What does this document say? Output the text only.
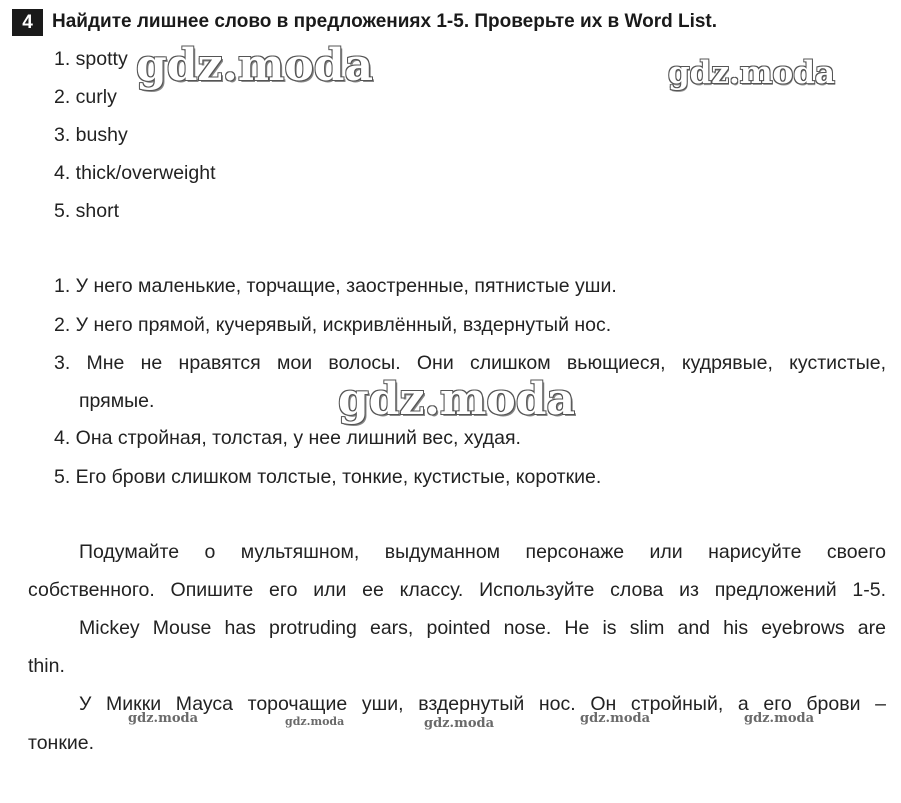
4	Найдите лишнее слово в предложениях 1-5. Проверьте их в Word List.
1. spotty
2. curly
3. bushy
4. thick/overweight
5. short
1. У него маленькие, торчащие, заостренные, пятнистые уши.
2. У него прямой, кучерявый, искривлённый, вздернутый нос.
3. Мне не нравятся мои волосы. Они слишком вьющиеся, кудрявые, кустистые,
прямые.
4. Она стройная, толстая, у нее лишний вес, худая.
5. Его брови слишком толстые, тонкие, кустистые, короткие.
Подумайте о мультяшном, выдуманном персонаже или нарисуйте своего
собственного. Опишите его или ее классу. Используйте слова из предложений 1-5.
Mickey Mouse has protruding ears, pointed nose. He is slim and his eyebrows are
thin.
У Микки Мауса торочащие уши, вздернутый нос. Он стройный, а его брови –
тонкие.
gdz.moda	gdz.moda
gdz.moda
gdz.moda	gdz.moda	gdz.moda	gdz.moda	gdz.moda
